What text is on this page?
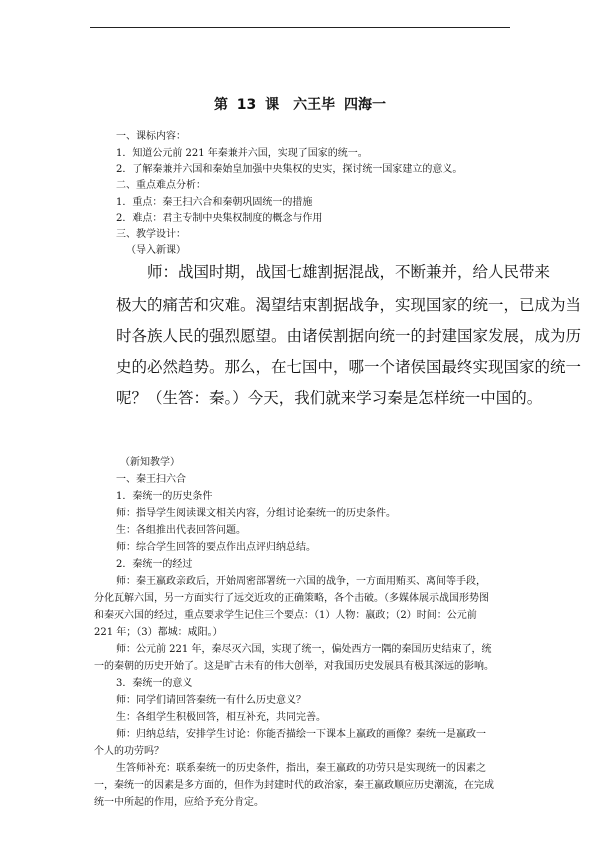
第 13 课　六王毕 四海一
一、课标内容：
1．知道公元前 221 年秦兼并六国，实现了国家的统一。
2．了解秦兼并六国和秦始皇加强中央集权的史实，探讨统一国家建立的意义。
二、重点难点分析：
1．重点：秦王扫六合和秦朝巩固统一的措施
2．难点：君主专制中央集权制度的概念与作用
三、教学设计：
（导入新课）
师：战国时期，战国七雄割据混战，不断兼并，给人民带来
极大的痛苦和灾难。渴望结束割据战争，实现国家的统一，已成为当
时各族人民的强烈愿望。由诸侯割据向统一的封建国家发展，成为历
史的必然趋势。那么，在七国中，哪一个诸侯国最终实现国家的统一
呢？（生答：秦。）今天，我们就来学习秦是怎样统一中国的。
（新知教学）
一、秦王扫六合
1．秦统一的历史条件
师：指导学生阅读课文相关内容，分组讨论秦统一的历史条件。
生：各组推出代表回答问题。
师：综合学生回答的要点作出点评归纳总结。
2．秦统一的经过
师：秦王嬴政亲政后，开始周密部署统一六国的战争，一方面用贿买、离间等手段，
分化瓦解六国，另一方面实行了远交近攻的正确策略，各个击破。（多媒体展示战国形势图
和秦灭六国的经过，重点要求学生记住三个要点：（1）人物：嬴政；（2）时间：公元前
221 年；（3）都城：咸阳。）
师：公元前 221 年，秦尽灭六国，实现了统一，偏处西方一隅的秦国历史结束了，统
一的秦朝的历史开始了。这是旷古未有的伟大创举，对我国历史发展具有极其深远的影响。
3．秦统一的意义
师：同学们请回答秦统一有什么历史意义？
生：各组学生积极回答，相互补充，共同完善。
师：归纳总结，安排学生讨论：你能否描绘一下课本上嬴政的画像？秦统一是嬴政一
个人的功劳吗？
生答师补充：联系秦统一的历史条件，指出，秦王嬴政的功劳只是实现统一的因素之
一，秦统一的因素是多方面的，但作为封建时代的政治家，秦王嬴政顺应历史潮流，在完成
统一中所起的作用，应给予充分肯定。
